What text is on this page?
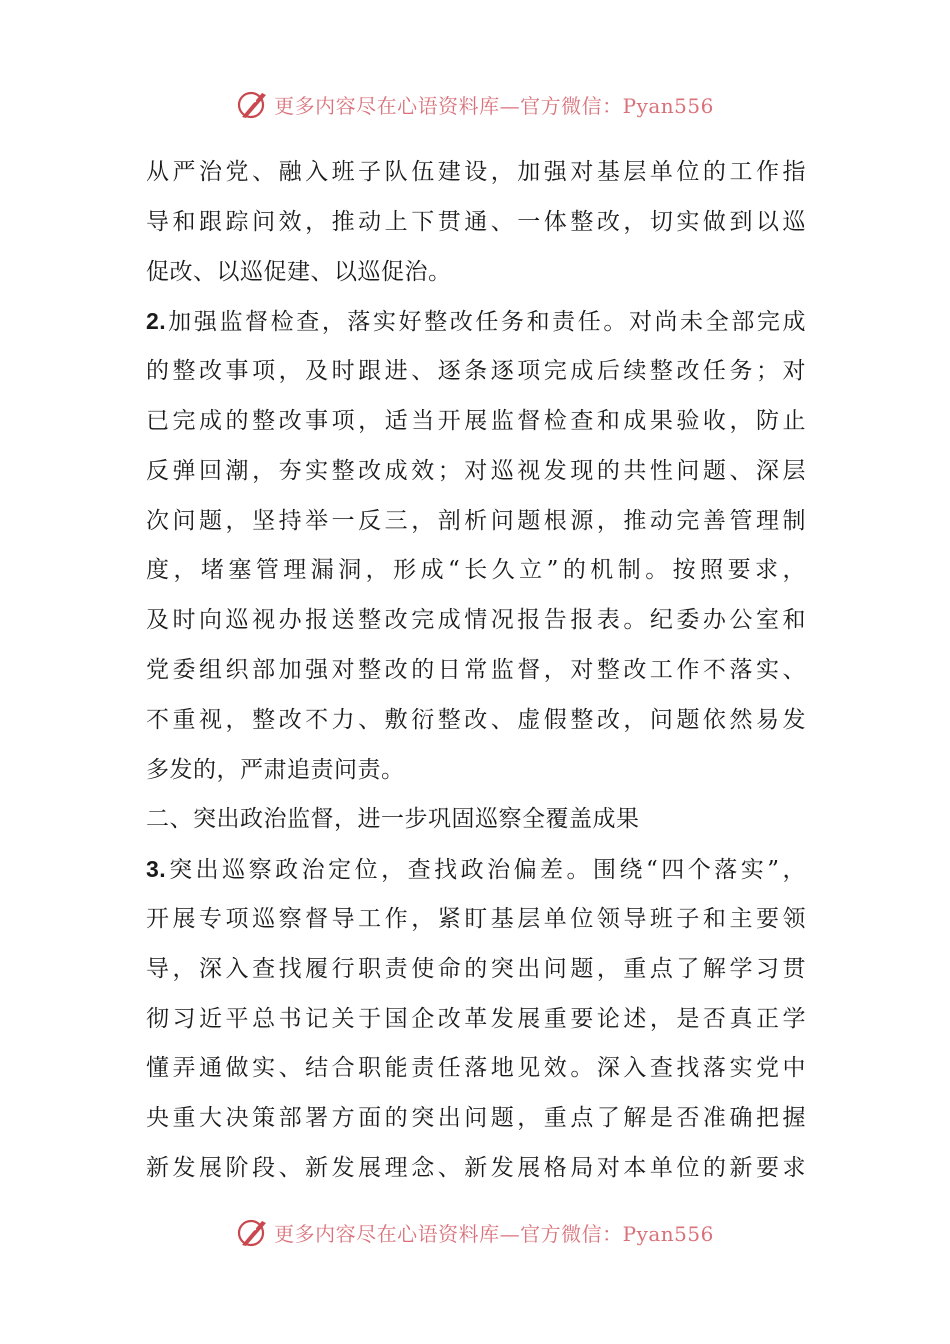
更多内容尽在心语资料库—官方微信：Pyan556
从严治党、融入班子队伍建设，加强对基层单位的工作指
导和跟踪问效，推动上下贯通、一体整改，切实做到以巡
促改、以巡促建、以巡促治。
2.加强监督检查，落实好整改任务和责任。对尚未全部完成
的整改事项，及时跟进、逐条逐项完成后续整改任务；对
已完成的整改事项，适当开展监督检查和成果验收，防止
反弹回潮，夯实整改成效；对巡视发现的共性问题、深层
次问题，坚持举一反三，剖析问题根源，推动完善管理制
度，堵塞管理漏洞，形成“长久立”的机制。按照要求，
及时向巡视办报送整改完成情况报告报表。纪委办公室和
党委组织部加强对整改的日常监督，对整改工作不落实、
不重视，整改不力、敷衍整改、虚假整改，问题依然易发
多发的，严肃追责问责。
二、突出政治监督，进一步巩固巡察全覆盖成果
3.突出巡察政治定位，查找政治偏差。围绕“四个落实”，
开展专项巡察督导工作，紧盯基层单位领导班子和主要领
导，深入查找履行职责使命的突出问题，重点了解学习贯
彻习近平总书记关于国企改革发展重要论述，是否真正学
懂弄通做实、结合职能责任落地见效。深入查找落实党中
央重大决策部署方面的突出问题，重点了解是否准确把握
新发展阶段、新发展理念、新发展格局对本单位的新要求
更多内容尽在心语资料库—官方微信：Pyan556
